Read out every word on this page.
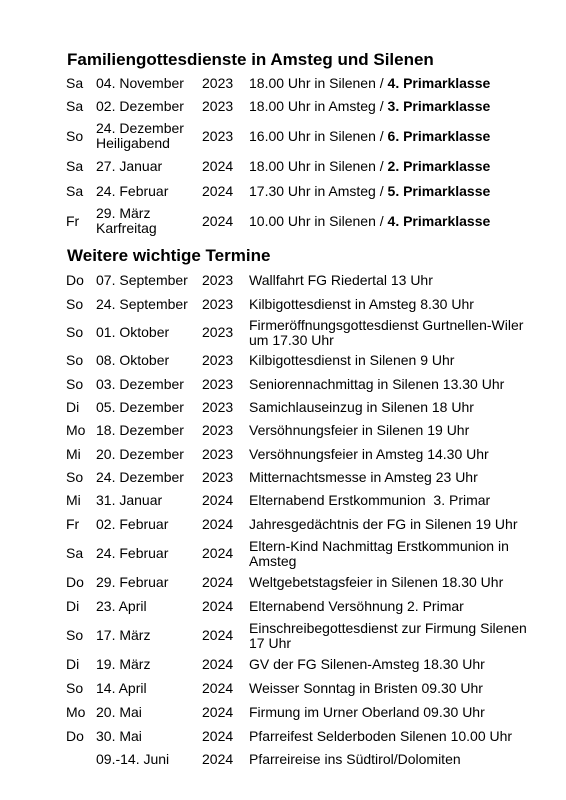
Familiengottesdienste in Amsteg und Silenen
Sa 04. November	2023 18.00 Uhr in Silenen / 4. Primarklasse
Sa 02. Dezember	2023 18.00 Uhr in Amsteg / 3. Primarklasse
So 24. Dezember Heiligabend	2023 16.00 Uhr in Silenen / 6. Primarklasse
Sa 27. Januar	2024 18.00 Uhr in Silenen / 2. Primarklasse
Sa 24. Februar	2024 17.30 Uhr in Amsteg / 5. Primarklasse
Fr 29. März Karfreitag	2024 10.00 Uhr in Silenen / 4. Primarklasse
Weitere wichtige Termine
Do 07. September	2023 Wallfahrt FG Riedertal 13 Uhr
So 24. September	2023 Kilbigottesdienst in Amsteg 8.30 Uhr
So 01. Oktober	2023 Firmeröffnungsgottesdienst Gurtnellen-Wiler um 17.30 Uhr
So 08. Oktober	2023 Kilbigottesdienst in Silenen 9 Uhr
So 03. Dezember	2023 Seniorennachmittag in Silenen 13.30 Uhr
Di 05. Dezember	2023 Samichlauseinzug in Silenen 18 Uhr
Mo 18. Dezember	2023 Versöhnungsfeier in Silenen 19 Uhr
Mi 20. Dezember	2023 Versöhnungsfeier in Amsteg 14.30 Uhr
So 24. Dezember	2023 Mitternachtsmesse in Amsteg 23 Uhr
Mi 31. Januar	2024 Elternabend Erstkommunion  3. Primar
Fr 02. Februar	2024 Jahresgedächtnis der FG in Silenen 19 Uhr
Sa 24. Februar	2024 Eltern-Kind Nachmittag Erstkommunion in Amsteg
Do 29. Februar	2024 Weltgebetstagsfeier in Silenen 18.30 Uhr
Di 23. April	2024 Elternabend Versöhnung 2. Primar
So 17. März	2024 Einschreibegottesdienst zur Firmung Silenen 17 Uhr
Di 19. März	2024 GV der FG Silenen-Amsteg 18.30 Uhr
So 14. April	2024 Weisser Sonntag in Bristen 09.30 Uhr
Mo 20. Mai	2024 Firmung im Urner Oberland 09.30 Uhr
Do 30. Mai	2024 Pfarreifest Selderboden Silenen 10.00 Uhr
09.-14. Juni	2024 Pfarreireise ins Südtirol/Dolomiten
